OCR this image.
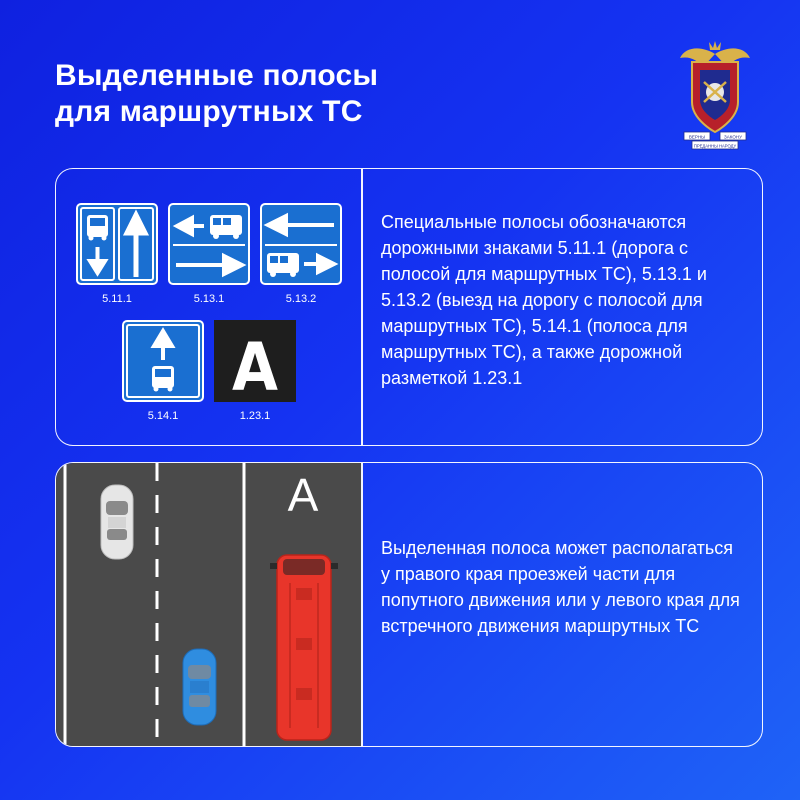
Выделенные полосы
для маршрутных ТС
ВЕРНЫ	ЗАКОНУ
ПРЕДАННЫ НАРОДУ
5.11.1	5.13.1	5.13.2
5.14.1
А
1.23.1
Специальные полосы обозначаются дорожными знаками 5.11.1 (дорога с полосой для маршрутных ТС), 5.13.1 и 5.13.2 (выезд на дорогу с полосой для маршрутных ТС), 5.14.1 (полоса для маршрутных ТС), а также дорожной разметкой 1.23.1
А
Выделенная полоса может располагаться у правого края проезжей части для попутного движения или у левого края для встречного движения маршрутных ТС
